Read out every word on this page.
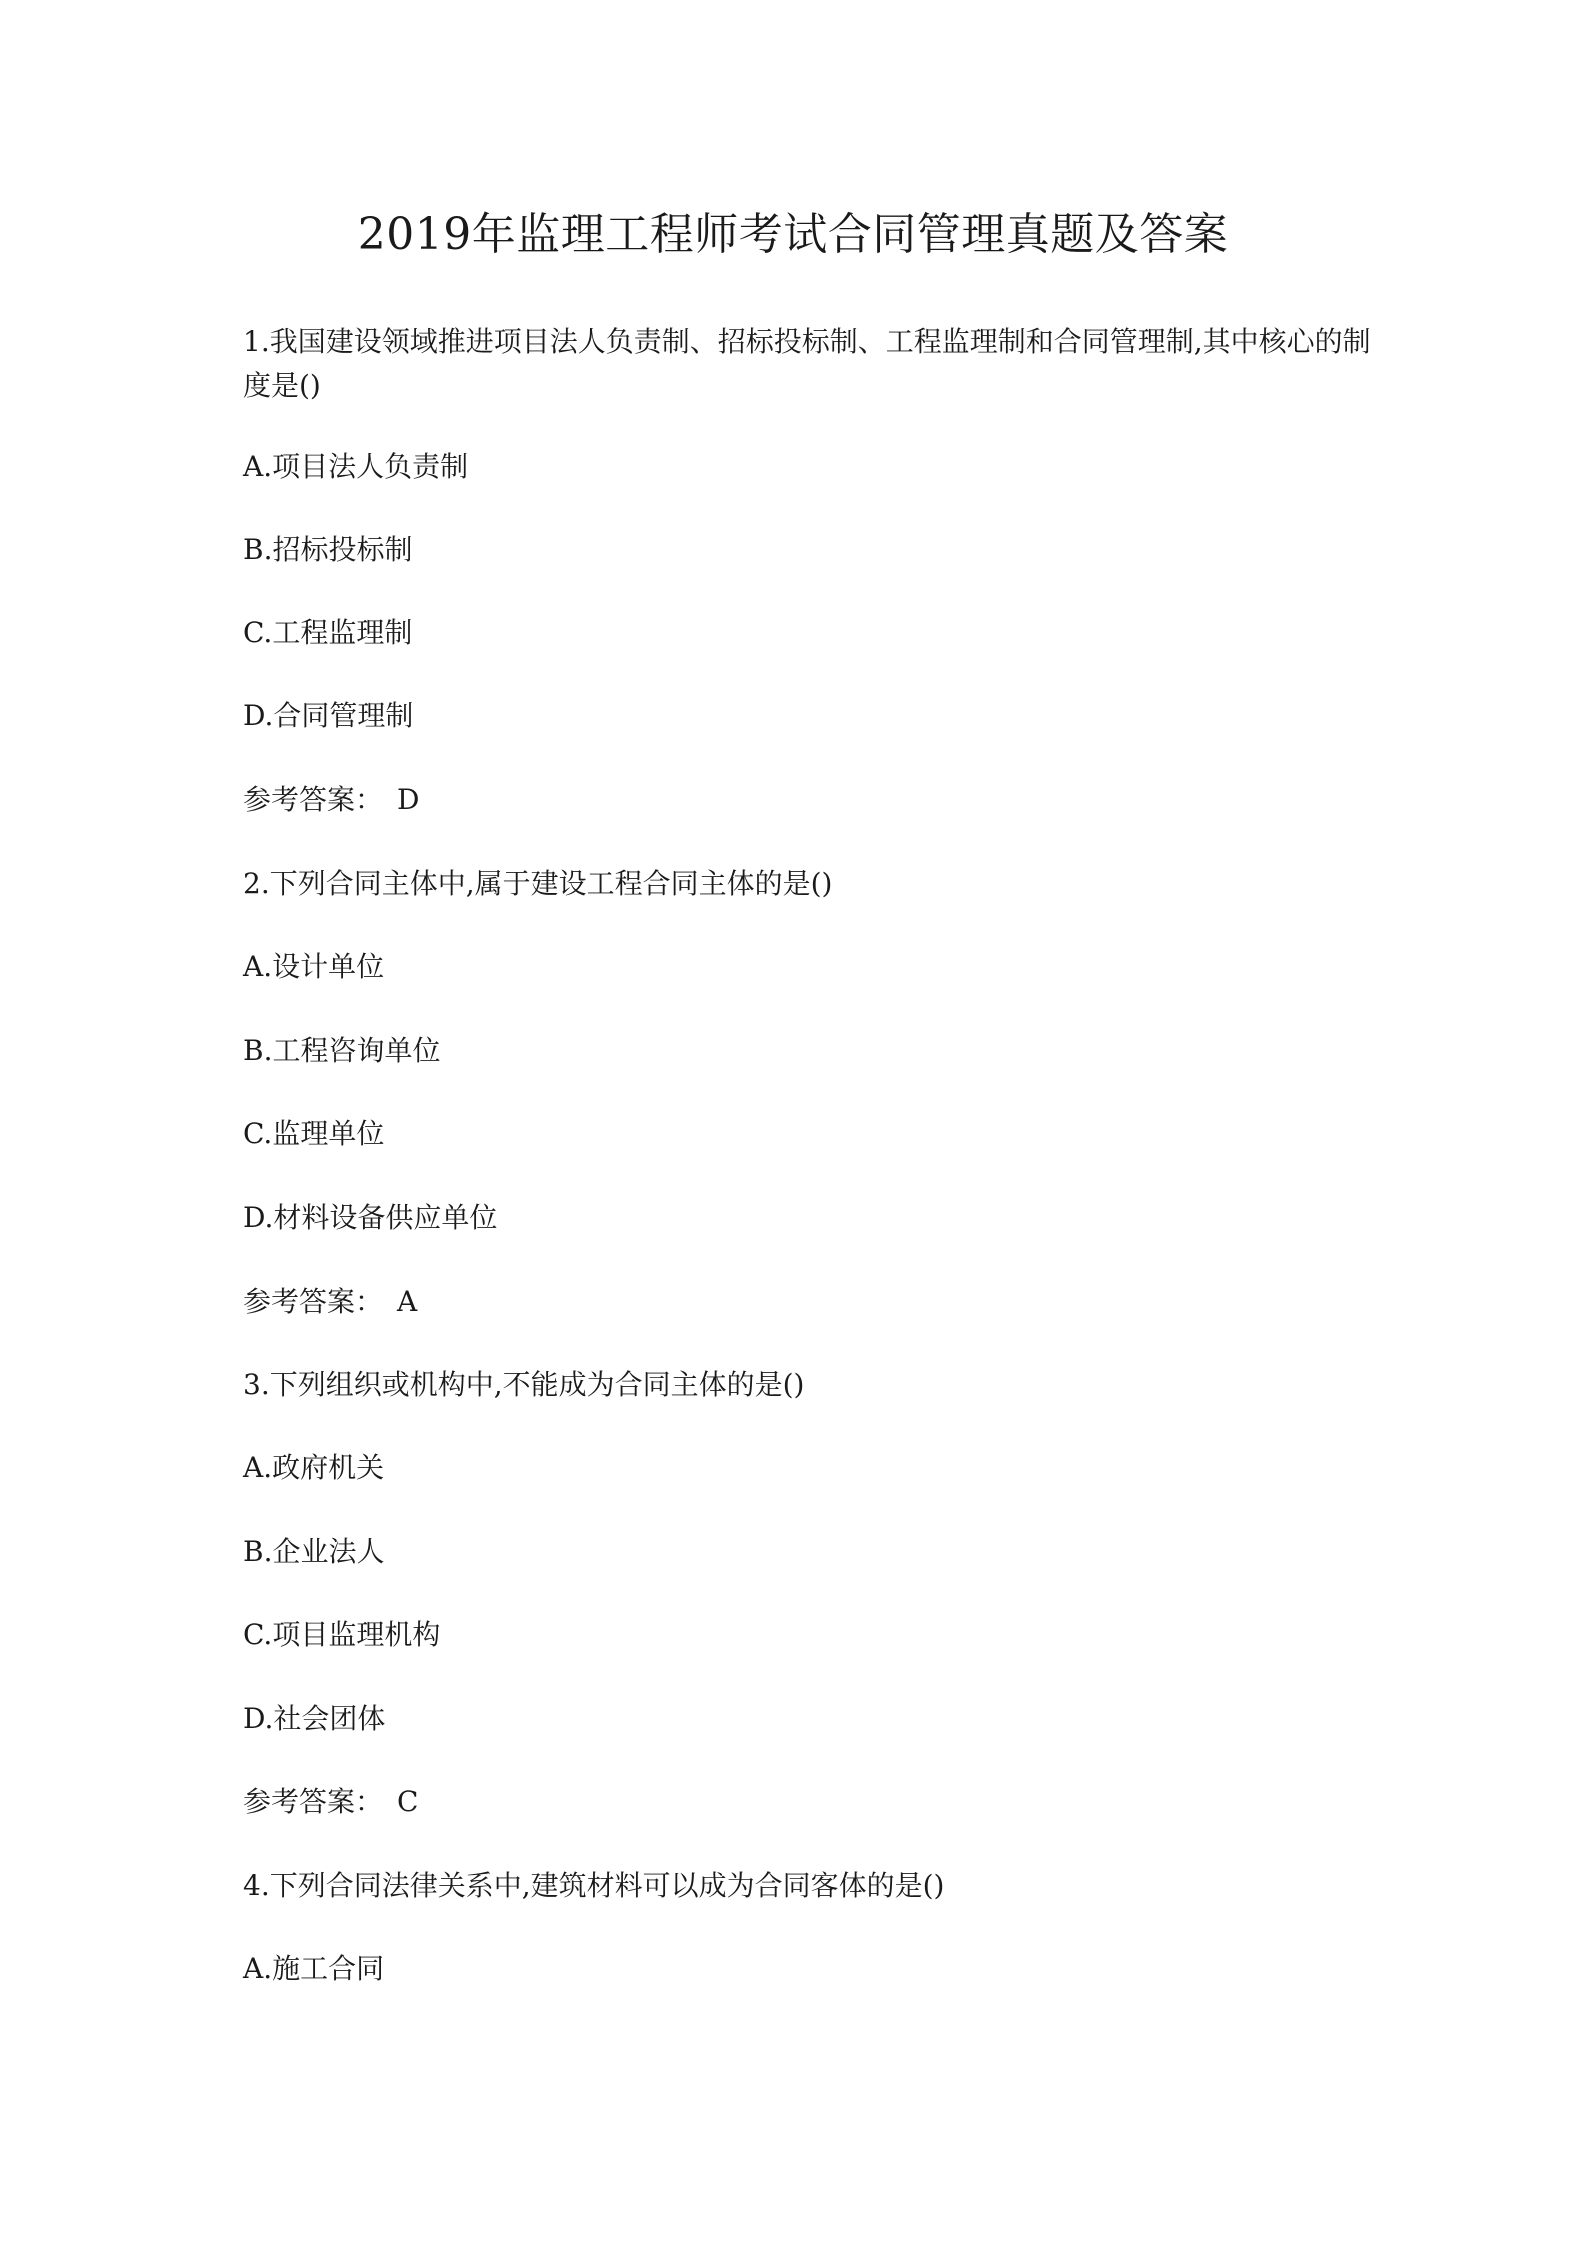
2019年监理工程师考试合同管理真题及答案
1.我国建设领域推进项目法人负责制、招标投标制、工程监理制和合同管理制,其中核心的制
度是()
A.项目法人负责制
B.招标投标制
C.工程监理制
D.合同管理制
参考答案： D
2.下列合同主体中,属于建设工程合同主体的是()
A.设计单位
B.工程咨询单位
C.监理单位
D.材料设备供应单位
参考答案： A
3.下列组织或机构中,不能成为合同主体的是()
A.政府机关
B.企业法人
C.项目监理机构
D.社会团体
参考答案： C
4.下列合同法律关系中,建筑材料可以成为合同客体的是()
A.施工合同
